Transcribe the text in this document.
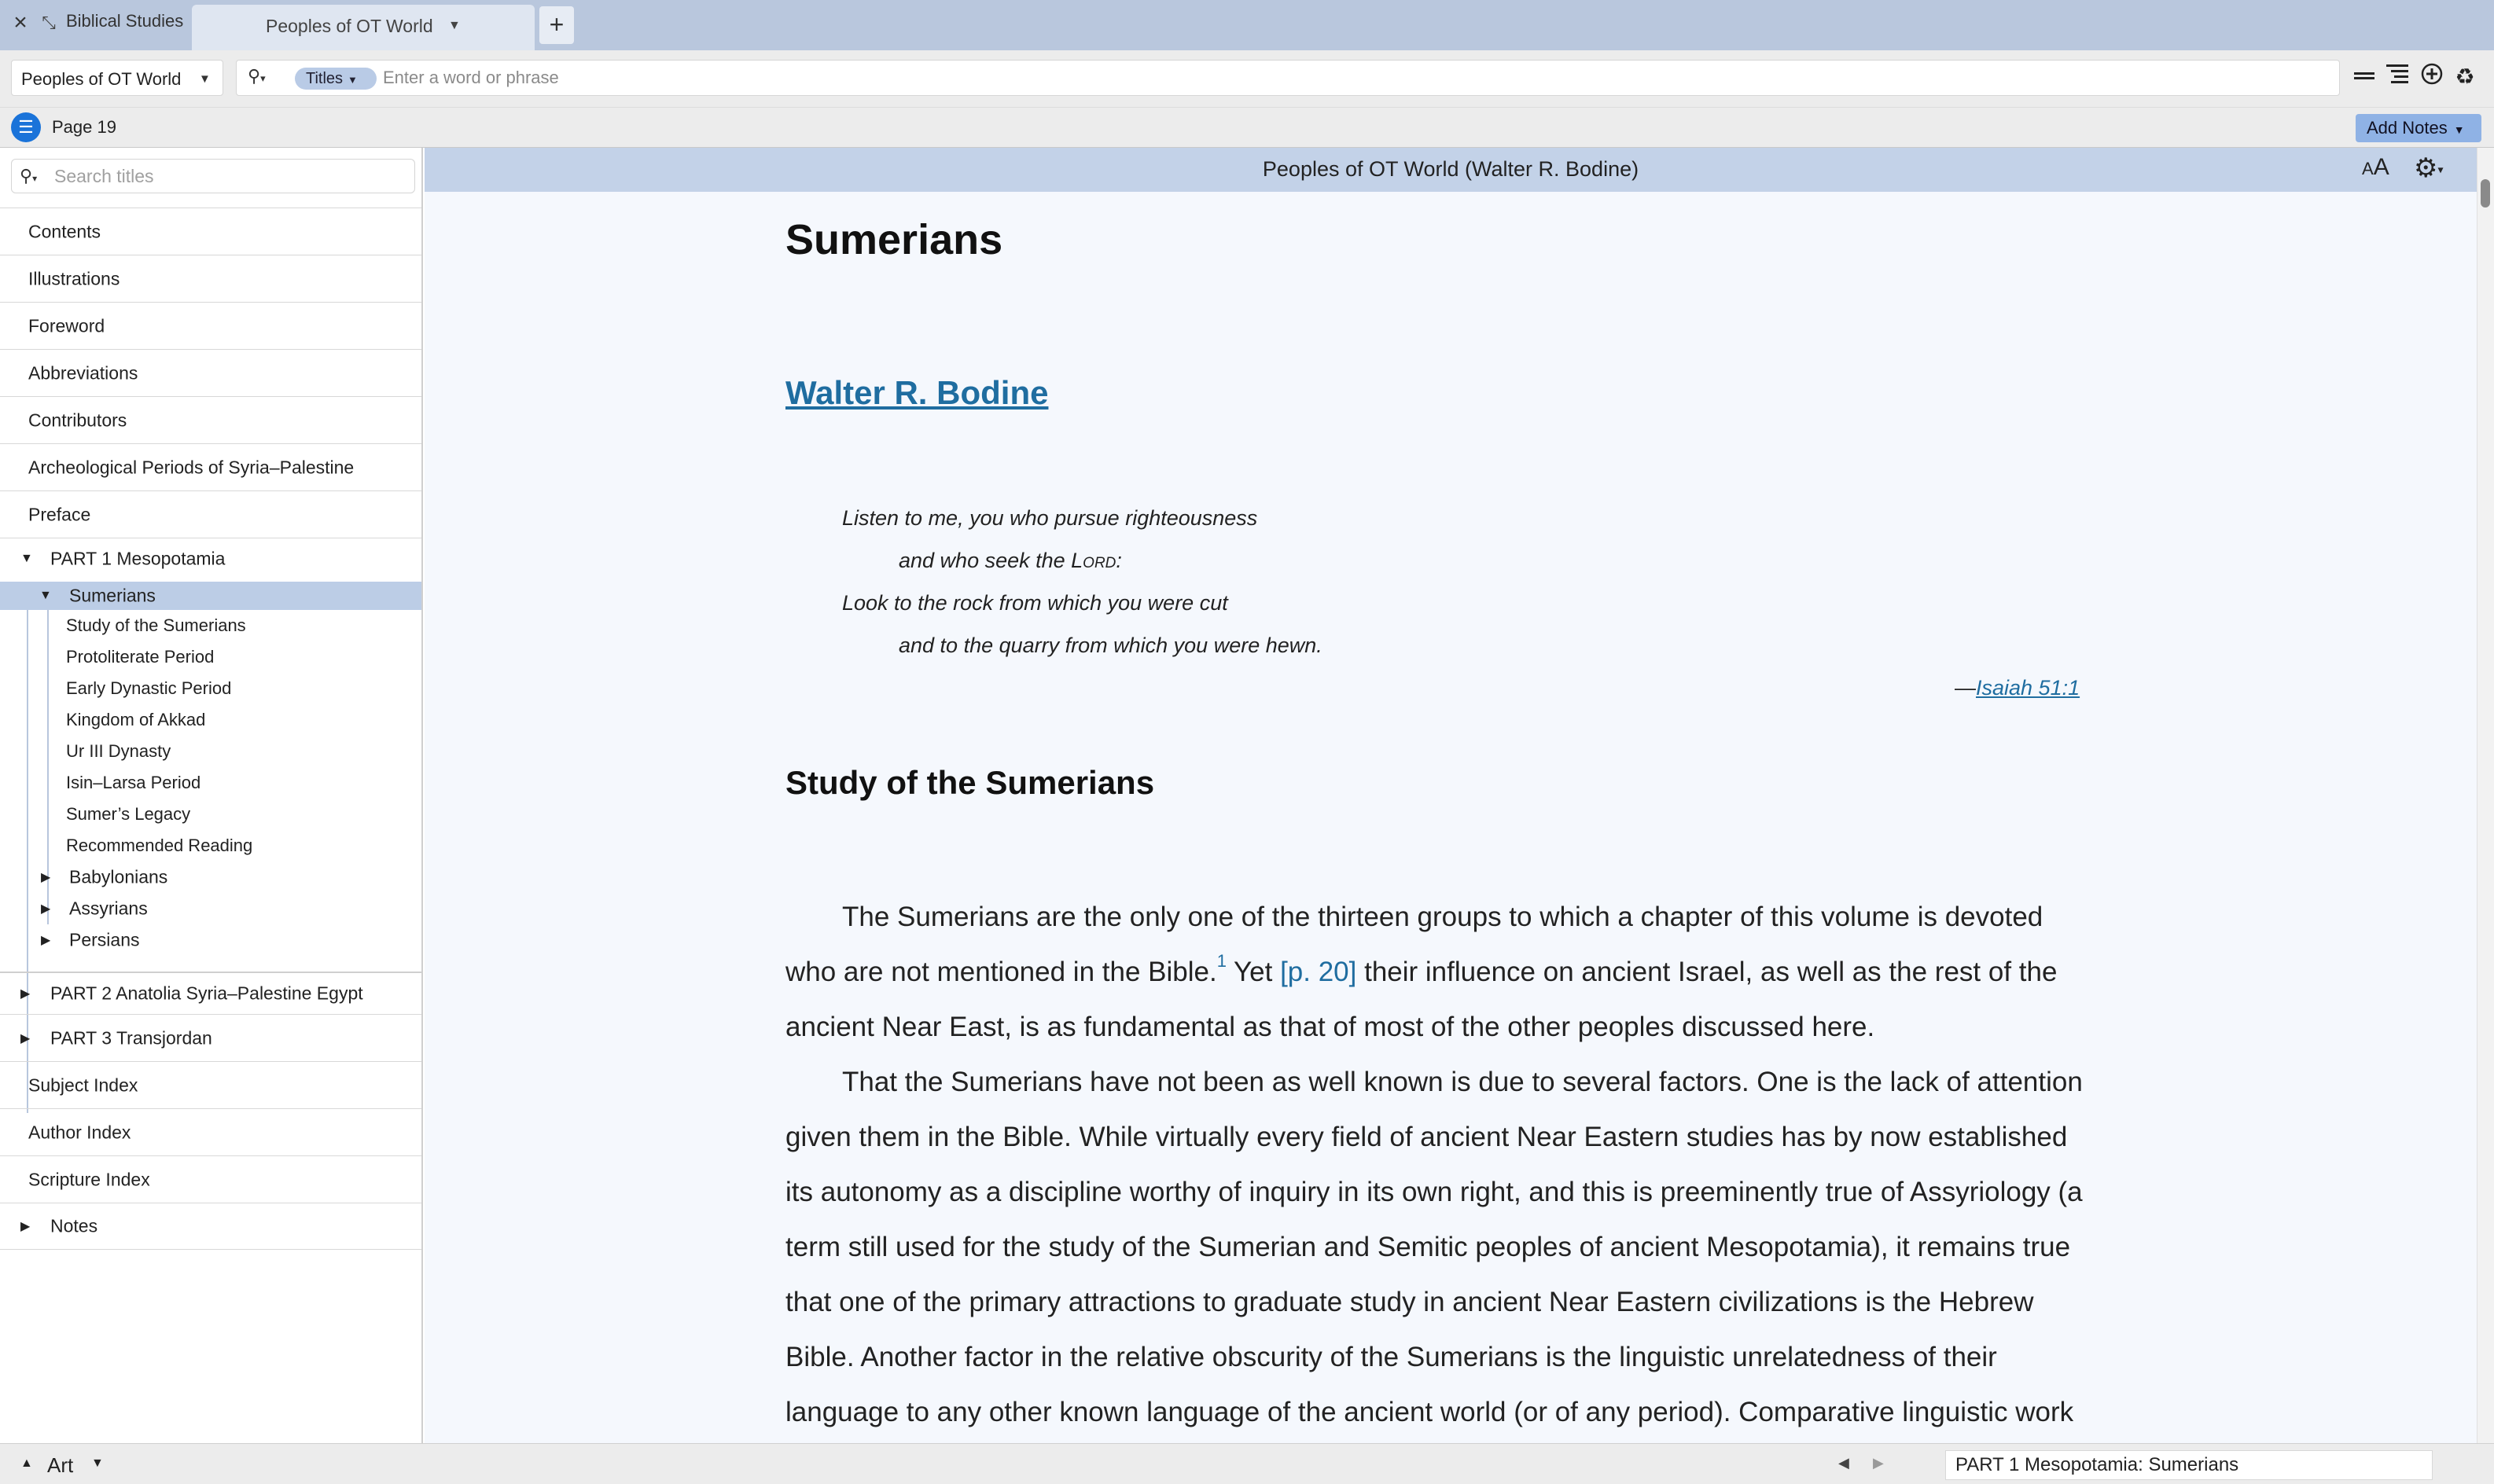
× ⤡ Biblical Studies	Peoples of OT World ▼	+
Peoples of OT World ▼ ⚲▾	Titles ▼
Enter a word or phrase	♻
☰	Page 19	Add Notes ▼
⚲▾
Search titles
Contents
Illustrations
Foreword
Abbreviations
Contributors
Archeological Periods of Syria–Palestine
Preface
▼ PART 1 Mesopotamia
▼ Sumerians
Study of the Sumerians
Protoliterate Period
Early Dynastic Period
Kingdom of Akkad
Ur III Dynasty
Isin–Larsa Period
Sumer’s Legacy
Recommended Reading
▶ Babylonians
▶ Assyrians
▶ Persians
▶ PART 2 Anatolia Syria–Palestine Egypt
▶ PART 3 Transjordan
Subject Index
Author Index
Scripture Index
▶ Notes
Peoples of OT World (Walter R. Bodine)	AA ⚙▾
Sumerians
Walter R. Bodine
Listen to me, you who pursue righteousness
and who seek the Lord:
Look to the rock from which you were cut
and to the quarry from which you were hewn.
—Isaiah 51:1
Study of the Sumerians
The Sumerians are the only one of the thirteen groups to which a chapter of this volume is devoted who are not mentioned in the Bible.$^1$ Yet [p. 20] their influence on ancient Israel, as well as the rest of the ancient Near East, is as fundamental as that of most of the other peoples discussed here.
That the Sumerians have not been as well known is due to several factors. One is the lack of attention given them in the Bible. While virtually every field of ancient Near Eastern studies has by now established its autonomy as a discipline worthy of inquiry in its own right, and this is preeminently true of Assyriology (a term still used for the study of the Sumerian and Semitic peoples of ancient Mesopotamia), it remains true that one of the primary attractions to graduate study in ancient Near Eastern civilizations is the Hebrew Bible. Another factor in the relative obscurity of the Sumerians is the linguistic unrelatedness of their language to any other known language of the ancient world (or of any period). Comparative linguistic work
▲ Art ▼	◀ ▶	PART 1 Mesopotamia: Sumerians
